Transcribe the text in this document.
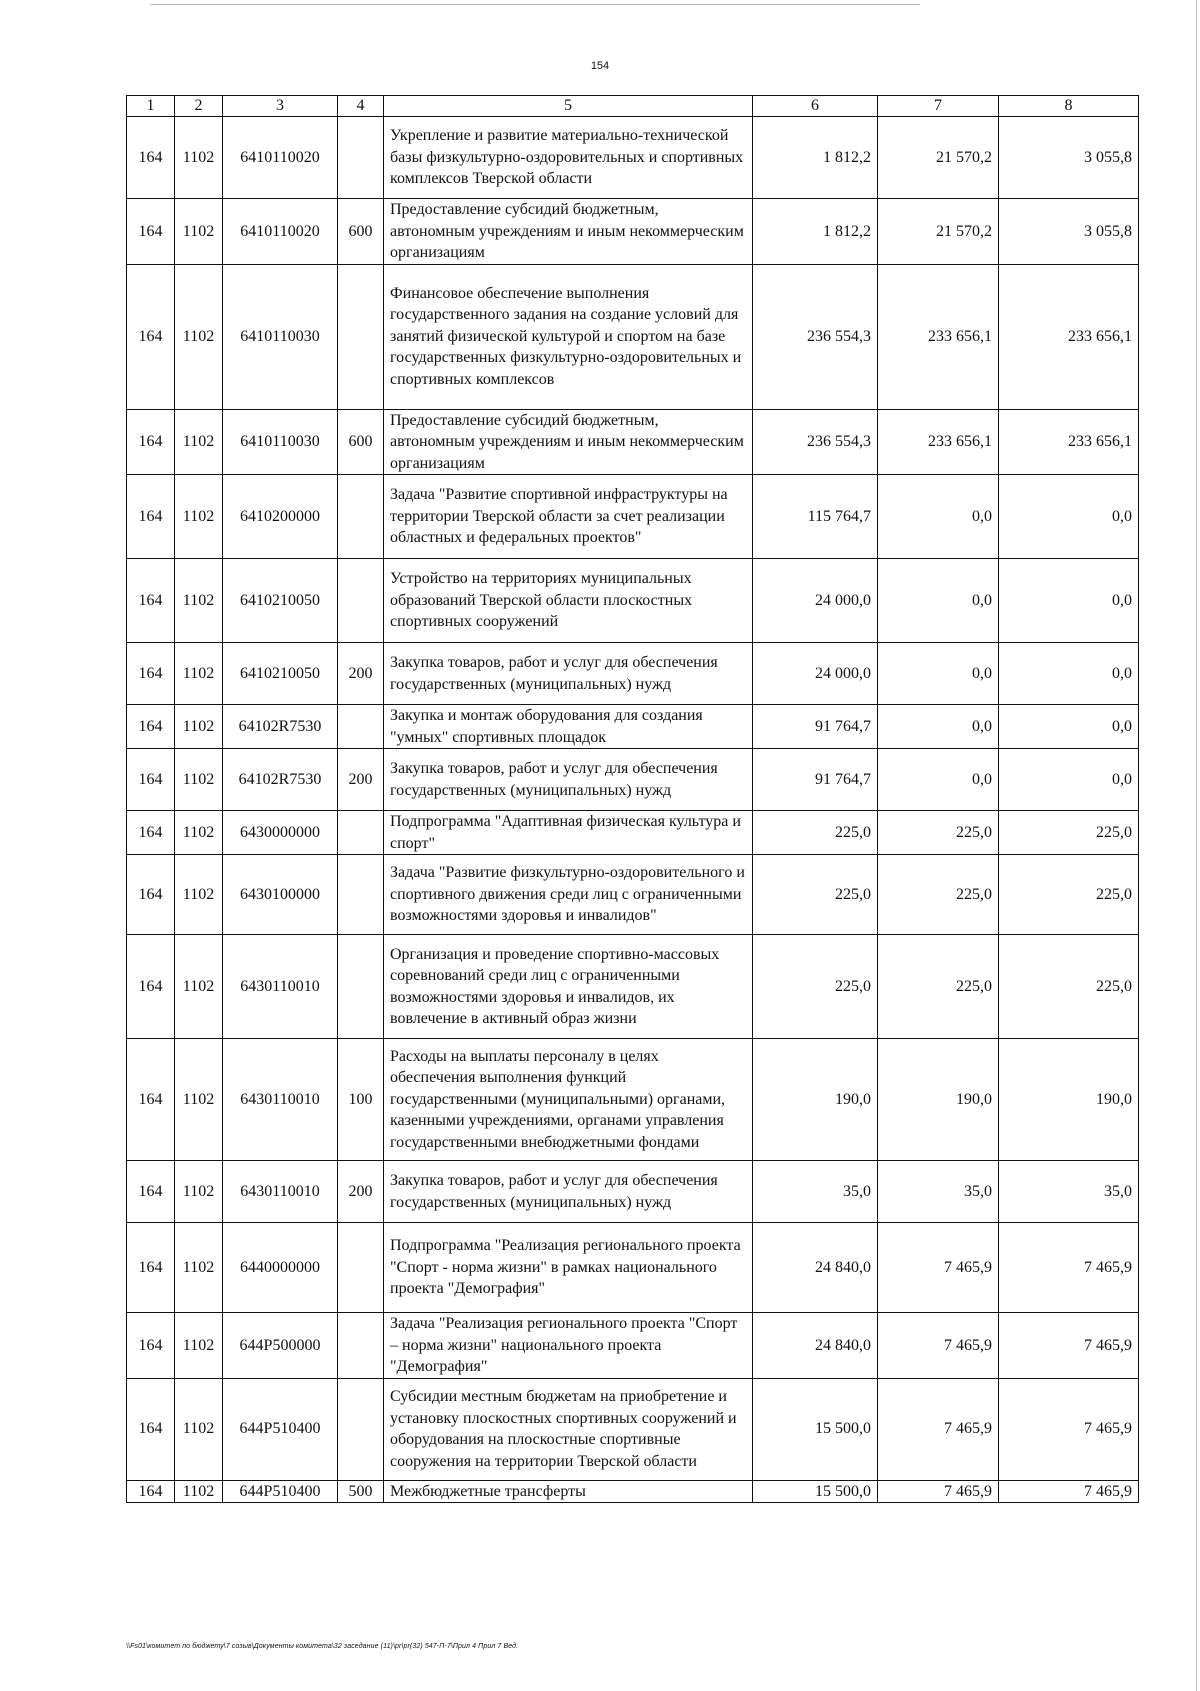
154
1	2	3	4	5	6	7	8
164	1102	6410110020		Укрепление и развитие материально-технической базы физкультурно-оздоровительных и спортивных комплексов Тверской области	1 812,2	21 570,2	3 055,8
164	1102	6410110020	600	Предоставление субсидий бюджетным, автономным учреждениям и иным некоммерческим организациям	1 812,2	21 570,2	3 055,8
164	1102	6410110030		Финансовое обеспечение выполнения государственного задания на создание условий для занятий физической культурой и спортом на базе государственных физкультурно-оздоровительных и спортивных комплексов	236 554,3	233 656,1	233 656,1
164	1102	6410110030	600	Предоставление субсидий бюджетным, автономным учреждениям и иным некоммерческим организациям	236 554,3	233 656,1	233 656,1
164	1102	6410200000		Задача "Развитие спортивной инфраструктуры на территории Тверской области за счет реализации областных и федеральных проектов"	115 764,7	0,0	0,0
164	1102	6410210050		Устройство на территориях муниципальных образований Тверской области плоскостных спортивных сооружений	24 000,0	0,0	0,0
164	1102	6410210050	200	Закупка товаров, работ и услуг для обеспечения государственных (муниципальных) нужд	24 000,0	0,0	0,0
164	1102	64102R7530		Закупка и монтаж оборудования для создания "умных" спортивных площадок	91 764,7	0,0	0,0
164	1102	64102R7530	200	Закупка товаров, работ и услуг для обеспечения государственных (муниципальных) нужд	91 764,7	0,0	0,0
164	1102	6430000000		Подпрограмма "Адаптивная физическая культура и спорт"	225,0	225,0	225,0
164	1102	6430100000		Задача "Развитие физкультурно-оздоровительного и спортивного движения среди лиц с ограниченными возможностями здоровья и инвалидов"	225,0	225,0	225,0
164	1102	6430110010		Организация и проведение спортивно-массовых соревнований среди лиц с ограниченными возможностями здоровья и инвалидов, их вовлечение в активный образ жизни	225,0	225,0	225,0
164	1102	6430110010	100	Расходы на выплаты персоналу в целях обеспечения выполнения функций государственными (муниципальными) органами, казенными учреждениями, органами управления государственными внебюджетными фондами	190,0	190,0	190,0
164	1102	6430110010	200	Закупка товаров, работ и услуг для обеспечения государственных (муниципальных) нужд	35,0	35,0	35,0
164	1102	6440000000		Подпрограмма "Реализация регионального проекта "Спорт - норма жизни" в рамках национального проекта "Демография"	24 840,0	7 465,9	7 465,9
164	1102	644P500000		Задача "Реализация регионального проекта "Спорт – норма жизни" национального проекта "Демография"	24 840,0	7 465,9	7 465,9
164	1102	644P510400		Субсидии местным бюджетам на приобретение и установку плоскостных спортивных сооружений и оборудования на плоскостные спортивные сооружения на территории Тверской области	15 500,0	7 465,9	7 465,9
164	1102	644P510400	500	Межбюджетные трансферты	15 500,0	7 465,9	7 465,9
\\Fs01\комитет по бюджету\7 созыв\Документы комитета\32 заседание (11)\pr\pr(32) 547-П-7\Прил 4 Прил 7 Вед.
